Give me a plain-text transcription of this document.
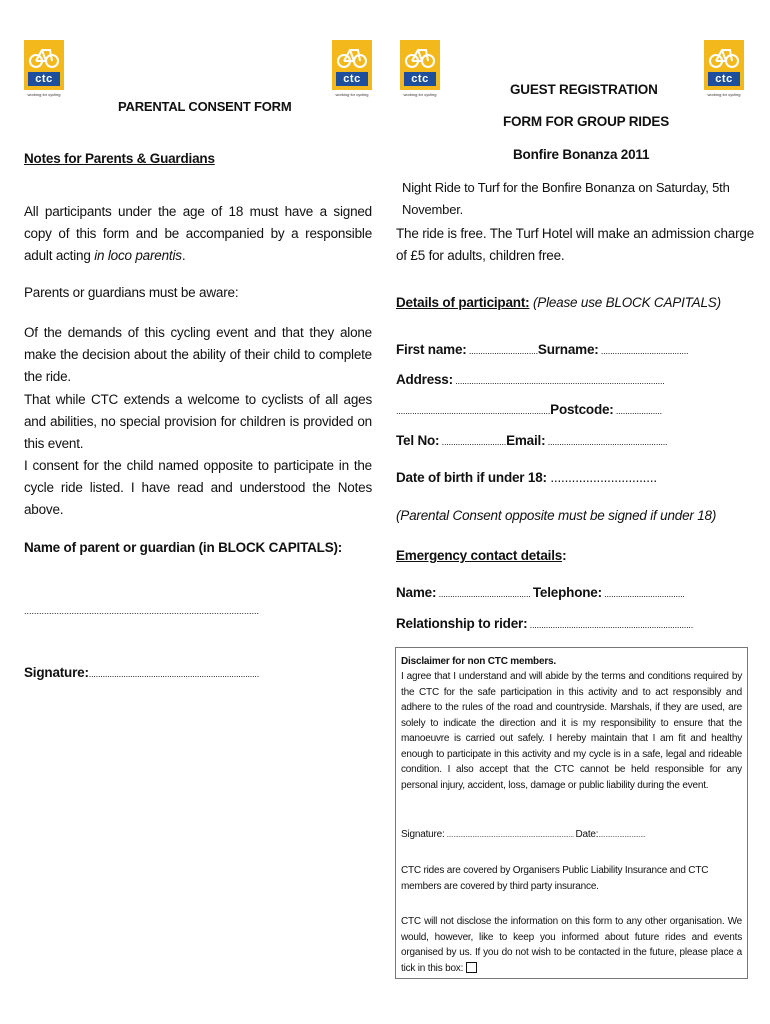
ctc
working for cycling
ctc
working for cycling
ctc
working for cycling
ctc
working for cycling
PARENTAL CONSENT FORM
Notes for Parents & Guardians
All participants under the age of 18 must have a signed copy of this form and be accompanied by a responsible adult acting in loco parentis.
Parents or guardians must be aware:
Of the demands of this cycling event and that they alone make the decision about the ability of their child to complete the ride.
That while CTC extends a welcome to cyclists of all ages and abilities, no special provision for children is provided on this event.
I consent for the child named opposite to participate in the cycle ride listed. I have read and understood the Notes above.
Name of parent or guardian (in BLOCK CAPITALS):
..............................................................................................
Signature:..........................................................................
GUEST REGISTRATION
FORM FOR GROUP RIDES
Bonfire Bonanza 2011
Night Ride to Turf for the Bonfire Bonanza on Saturday, 5th November.
The ride is free. The Turf Hotel will make an admission charge of £5 for adults, children free.
Details of participant: (Please use BLOCK CAPITALS)
First name: ..............................Surname: ......................................
Address: ...........................................................................................
...................................................................Postcode: ....................
Tel No: ............................Email: ....................................................
Date of birth if under 18: ..............................
(Parental Consent opposite must be signed if under 18)
Emergency contact details:
Name: ........................................ Telephone: ...................................
Relationship to rider: .......................................................................
Disclaimer for non CTC members.
I agree that I understand and will abide by the terms and conditions required by the CTC for the safe participation in this activity and to act responsibly and adhere to the rules of the road and countryside. Marshals, if they are used, are solely to indicate the direction and it is my responsibility to ensure that the manoeuvre is carried out safely. I hereby maintain that I am fit and healthy enough to participate in this activity and my cycle is in a safe, legal and rideable condition. I also accept that the CTC cannot be held responsible for any personal injury, accident, loss, damage or public liability during the event.
Signature: ......................................................................... Date:...........................
CTC rides are covered by Organisers Public Liability Insurance and CTC members are covered by third party insurance.
CTC will not disclose the information on this form to any other organisation. We would, however, like to keep you informed about future rides and events organised by us. If you do not wish to be contacted in the future, please place a tick in this box:
